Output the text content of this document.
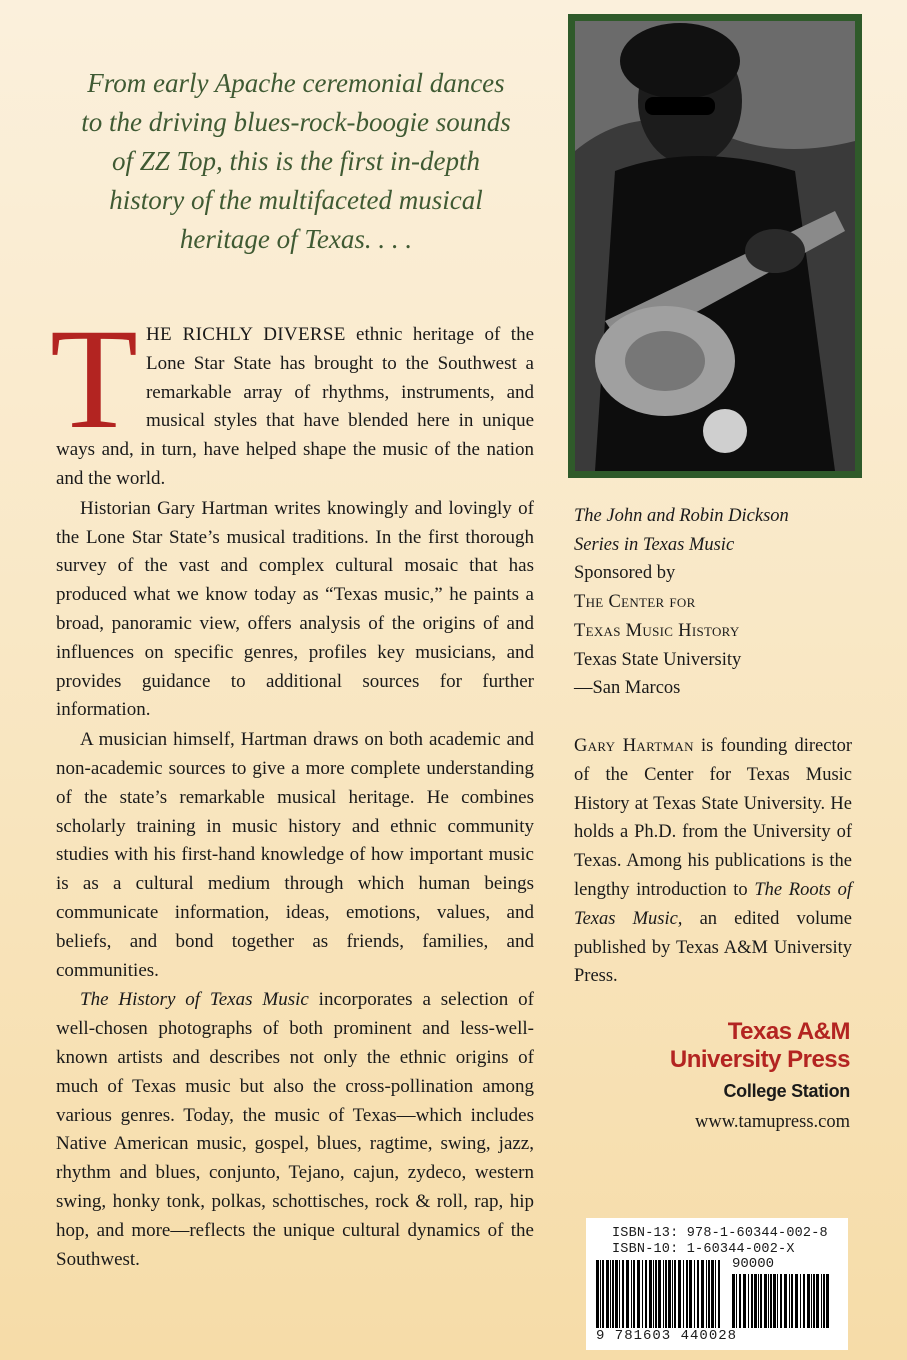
From early Apache ceremonial dances
to the driving blues-rock-boogie sounds
of ZZ Top, this is the first in-depth
history of the multifaceted musical
heritage of Texas. . . .

THE RICHLY DIVERSE ethnic heritage of the Lone Star State has brought to the Southwest a remarkable array of rhythms, instruments, and musical styles that have blended here in unique ways and, in turn, have helped shape the music of the nation and the world.

Historian Gary Hartman writes knowingly and lovingly of the Lone Star State’s musical traditions. In the first thorough survey of the vast and complex cultural mosaic that has produced what we know today as “Texas music,” he paints a broad, panoramic view, offers analysis of the origins of and influences on specific genres, profiles key musicians, and provides guidance to additional sources for further information.

A musician himself, Hartman draws on both academic and non-academic sources to give a more complete understanding of the state’s remarkable musical heritage. He combines scholarly training in music history and ethnic community studies with his first-hand knowledge of how important music is as a cultural medium through which human beings communicate information, ideas, emotions, values, and beliefs, and bond together as friends, families, and communities.

The History of Texas Music incorporates a selection of well-chosen photographs of both prominent and less-well-known artists and describes not only the ethnic origins of much of Texas music but also the cross-pollination among various genres. Today, the music of Texas—which includes Native American music, gospel, blues, ragtime, swing, jazz, rhythm and blues, conjunto, Tejano, cajun, zydeco, western swing, honky tonk, polkas, schottisches, rock & roll, rap, hip hop, and more—reflects the unique cultural dynamics of the Southwest.

The John and Robin Dickson
Series in Texas Music
Sponsored by
The Center for
Texas Music History
Texas State University
—San Marcos
Gary Hartman is founding director of the Center for Texas Music History at Texas State University. He holds a Ph.D. from the University of Texas. Among his publications is the lengthy introduction to The Roots of Texas Music, an edited volume published by Texas A&M University Press.
Texas A&M
University Press
College Station
www.tamupress.com
ISBN-13: 978-1-60344-002-8
ISBN-10: 1-60344-002-X
90000
9 781603 440028
